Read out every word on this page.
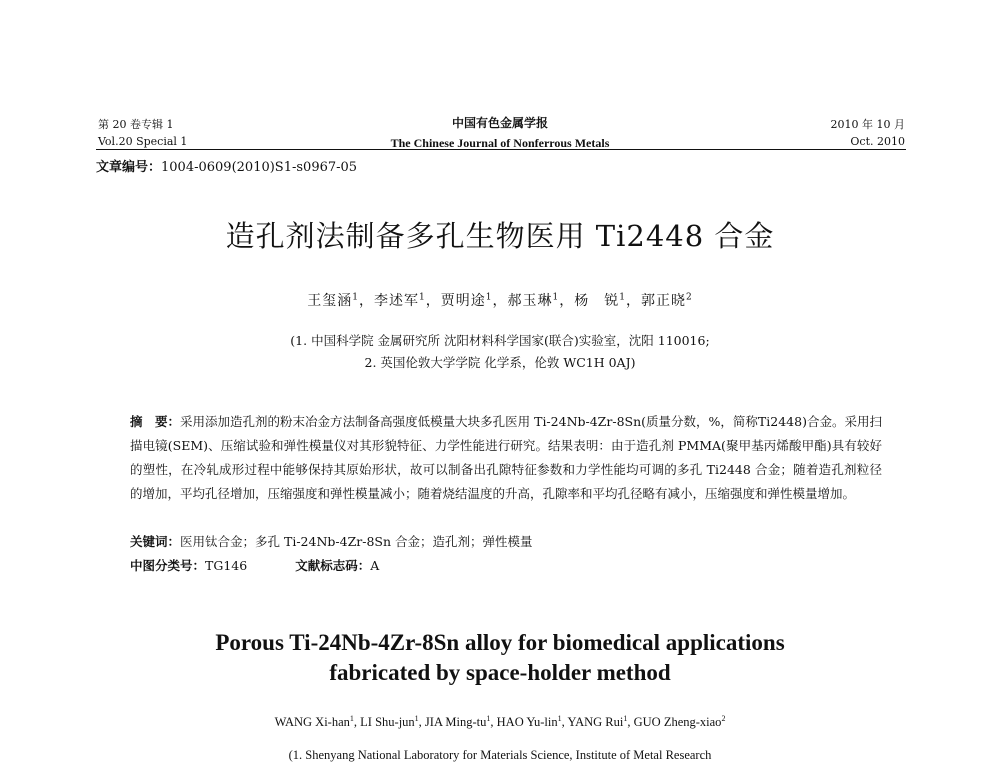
第 20 卷专辑 1
Vol.20 Special 1
中国有色金属学报
The Chinese Journal of Nonferrous Metals
2010 年 10 月
Oct. 2010
文章编号：1004-0609(2010)S1-s0967-05
造孔剂法制备多孔生物医用 Ti2448 合金
王玺涵$^1$，李述军$^1$，贾明途$^1$，郝玉琳$^1$，杨　锐$^1$，郭正晓$^2$
(1. 中国科学院 金属研究所 沈阳材料科学国家(联合)实验室，沈阳 110016;
2. 英国伦敦大学学院 化学系，伦敦 WC1H 0AJ)
摘　要：采用添加造孔剂的粉末冶金方法制备高强度低模量大块多孔医用 Ti-24Nb-4Zr-8Sn(质量分数，%，简称Ti2448)合金。采用扫描电镜(SEM)、压缩试验和弹性模量仪对其形貌特征、力学性能进行研究。结果表明：由于造孔剂 PMMA(聚甲基丙烯酸甲酯)具有较好的塑性，在冷轧成形过程中能够保持其原始形状，故可以制备出孔隙特征参数和力学性能均可调的多孔 Ti2448 合金；随着造孔剂粒径的增加，平均孔径增加，压缩强度和弹性模量减小；随着烧结温度的升高，孔隙率和平均孔径略有减小，压缩强度和弹性模量增加。
关键词：医用钛合金；多孔 Ti-24Nb-4Zr-8Sn 合金；造孔剂；弹性模量
中图分类号：TG146	文献标志码：A
Porous Ti-24Nb-4Zr-8Sn alloy for biomedical applications
fabricated by space-holder method
WANG Xi-han$^1$, LI Shu-jun$^1$, JIA Ming-$tu^1$, HAO Yu-lin$^1$, YANG Rui$^1$, GUO Zheng-xiao$^2$
(1. Shenyang National Laboratory for Materials Science, Institute of Metal Research
